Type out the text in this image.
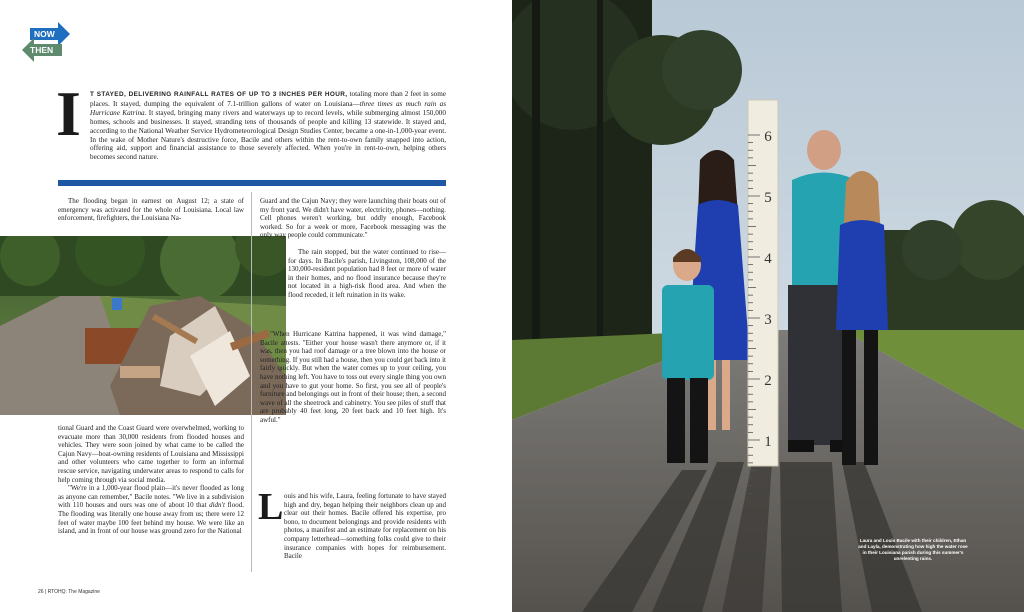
NOW
THEN
I	T STAYED, DELIVERING RAINFALL RATES OF UP TO 3 INCHES PER HOUR, totaling more than 2 feet in some places. It stayed, dumping the equivalent of 7.1-trillion gallons of water on Louisiana—three times as much rain as Hurricane Katrina. It stayed, bringing many rivers and waterways up to record levels, while submerging almost 150,000 homes, schools and businesses. It stayed, stranding tens of thousands of people and killing 13 statewide. It stayed and, according to the National Weather Service Hydrometeorological Design Studies Center, became a one-in-1,000-year event. In the wake of Mother Nature's destructive force, Bacile and others within the rent-to-own family snapped into action, offering aid, support and financial assistance to those severely affected. When you're in rent-to-own, helping others becomes second nature.

The flooding began in earnest on August 12; a state of emergency was activated for the whole of Louisiana. Local law enforcement, firefighters, the Louisiana Na-

tional Guard and the Coast Guard were overwhelmed, working to evacuate more than 30,000 residents from flooded houses and vehicles. They were soon joined by what came to be called the Cajun Navy—boat-owning residents of Louisiana and Mississippi and other volunteers who came together to form an informal rescue service, navigating underwater areas to respond to calls for help coming through via social media.

"We're in a 1,000-year flood plain—it's never flooded as long as anyone can remember," Bacile notes. "We live in a subdivision with 110 houses and ours was one of about 10 that didn't flood. The flooding was literally one house away from us; there were 12 feet of water maybe 100 feet behind my house. We were like an island, and in front of our house was ground zero for the National

Guard and the Cajun Navy; they were launching their boats out of my front yard. We didn't have water, electricity, phones—nothing. Cell phones weren't working, but oddly enough, Facebook worked. So for a week or more, Facebook messaging was the only way people could communicate."

The rain stopped, but the water continued to rise—for days. In Bacile's parish, Livingston, 108,000 of the 130,000-resident population had 8 feet or more of water in their homes, and no flood insurance because they're not located in a high-risk flood area. And when the flood receded, it left ruination in its wake.

"When Hurricane Katrina happened, it was wind damage," Bacile attests. "Either your house wasn't there anymore or, if it was, then you had roof damage or a tree blown into the house or something. If you still had a house, then you could get back into it fairly quickly. But when the water comes up to your ceiling, you have nothing left. You have to toss out every single thing you own and you have to gut your home. So first, you see all of people's furniture and belongings out in front of their house; then, a second wave of all the sheetrock and cabinetry. You see piles of stuff that are probably 40 feet long, 20 feet back and 10 feet high. It's awful."

L ouis and his wife, Laura, feeling fortunate to have stayed high and dry, began helping their neighbors clean up and clear out their homes. Bacile offered his expertise, pro bono, to document belongings and provide residents with photos, a manifest and an estimate for replacement on his company letterhead—something folks could give to their insurance companies with hopes for reimbursement. Bacile

26 | RTOHQ: The Magazine
6
5
4
3
2
1
Laura and Louis Bacile with their children, Ethan and Layla, demonstrating how high the water rose in their Louisiana parish during this summer's unrelenting rains.
